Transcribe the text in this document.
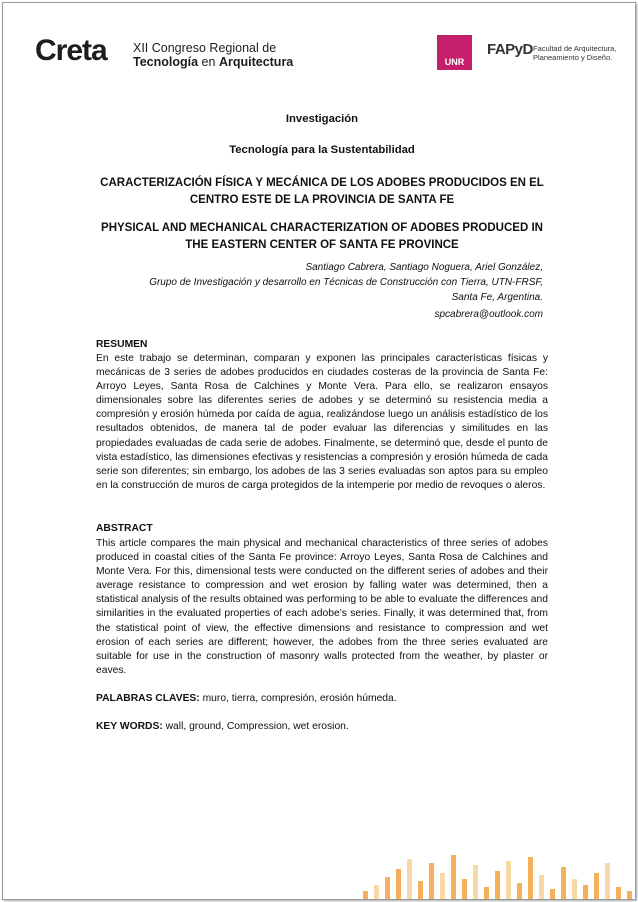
Creta XII Congreso Regional de
Tecnología en Arquitectura	UNR
FAPyD Facultad de Arquitectura,
Planeamiento y Diseño.
Investigación
Tecnología para la Sustentabilidad
CARACTERIZACIÓN FÍSICA Y MECÁNICA DE LOS ADOBES PRODUCIDOS EN EL CENTRO ESTE DE LA PROVINCIA DE SANTA FE
PHYSICAL AND MECHANICAL CHARACTERIZATION OF ADOBES PRODUCED IN THE EASTERN CENTER OF SANTA FE PROVINCE
Santiago Cabrera, Santiago Noguera, Ariel González,
Grupo de Investigación y desarrollo en Técnicas de Construcción con Tierra, UTN-FRSF,
Santa Fe, Argentina.
spcabrera@outlook.com
RESUMEN
En este trabajo se determinan, comparan y exponen las principales características físicas y mecánicas de 3 series de adobes producidos en ciudades costeras de la provincia de Santa Fe: Arroyo Leyes, Santa Rosa de Calchines y Monte Vera. Para ello, se realizaron ensayos dimensionales sobre las diferentes series de adobes y se determinó su resistencia media a compresión y erosión húmeda por caída de agua, realizándose luego un análisis estadístico de los resultados obtenidos, de manera tal de poder evaluar las diferencias y similitudes en las propiedades evaluadas de cada serie de adobes. Finalmente, se determinó que, desde el punto de vista estadístico, las dimensiones efectivas y resistencias a compresión y erosión húmeda de cada serie son diferentes; sin embargo, los adobes de las 3 series evaluadas son aptos para su empleo en la construcción de muros de carga protegidos de la intemperie por medio de revoques o aleros.
ABSTRACT
This article compares the main physical and mechanical characteristics of three series of adobes produced in coastal cities of the Santa Fe province: Arroyo Leyes, Santa Rosa de Calchines and Monte Vera. For this, dimensional tests were conducted on the different series of adobes and their average resistance to compression and wet erosion by falling water was determined, then a statistical analysis of the results obtained was performing to be able to evaluate the differences and similarities in the evaluated properties of each adobe’s series. Finally, it was determined that, from the statistical point of view, the effective dimensions and resistance to compression and wet erosion of each series are different; however, the adobes from the three series evaluated are suitable for use in the construction of masonry walls protected from the weather, by plaster or eaves.
PALABRAS CLAVES: muro, tierra, compresión, erosión húmeda.
KEY WORDS: wall, ground, Compression, wet erosion.
